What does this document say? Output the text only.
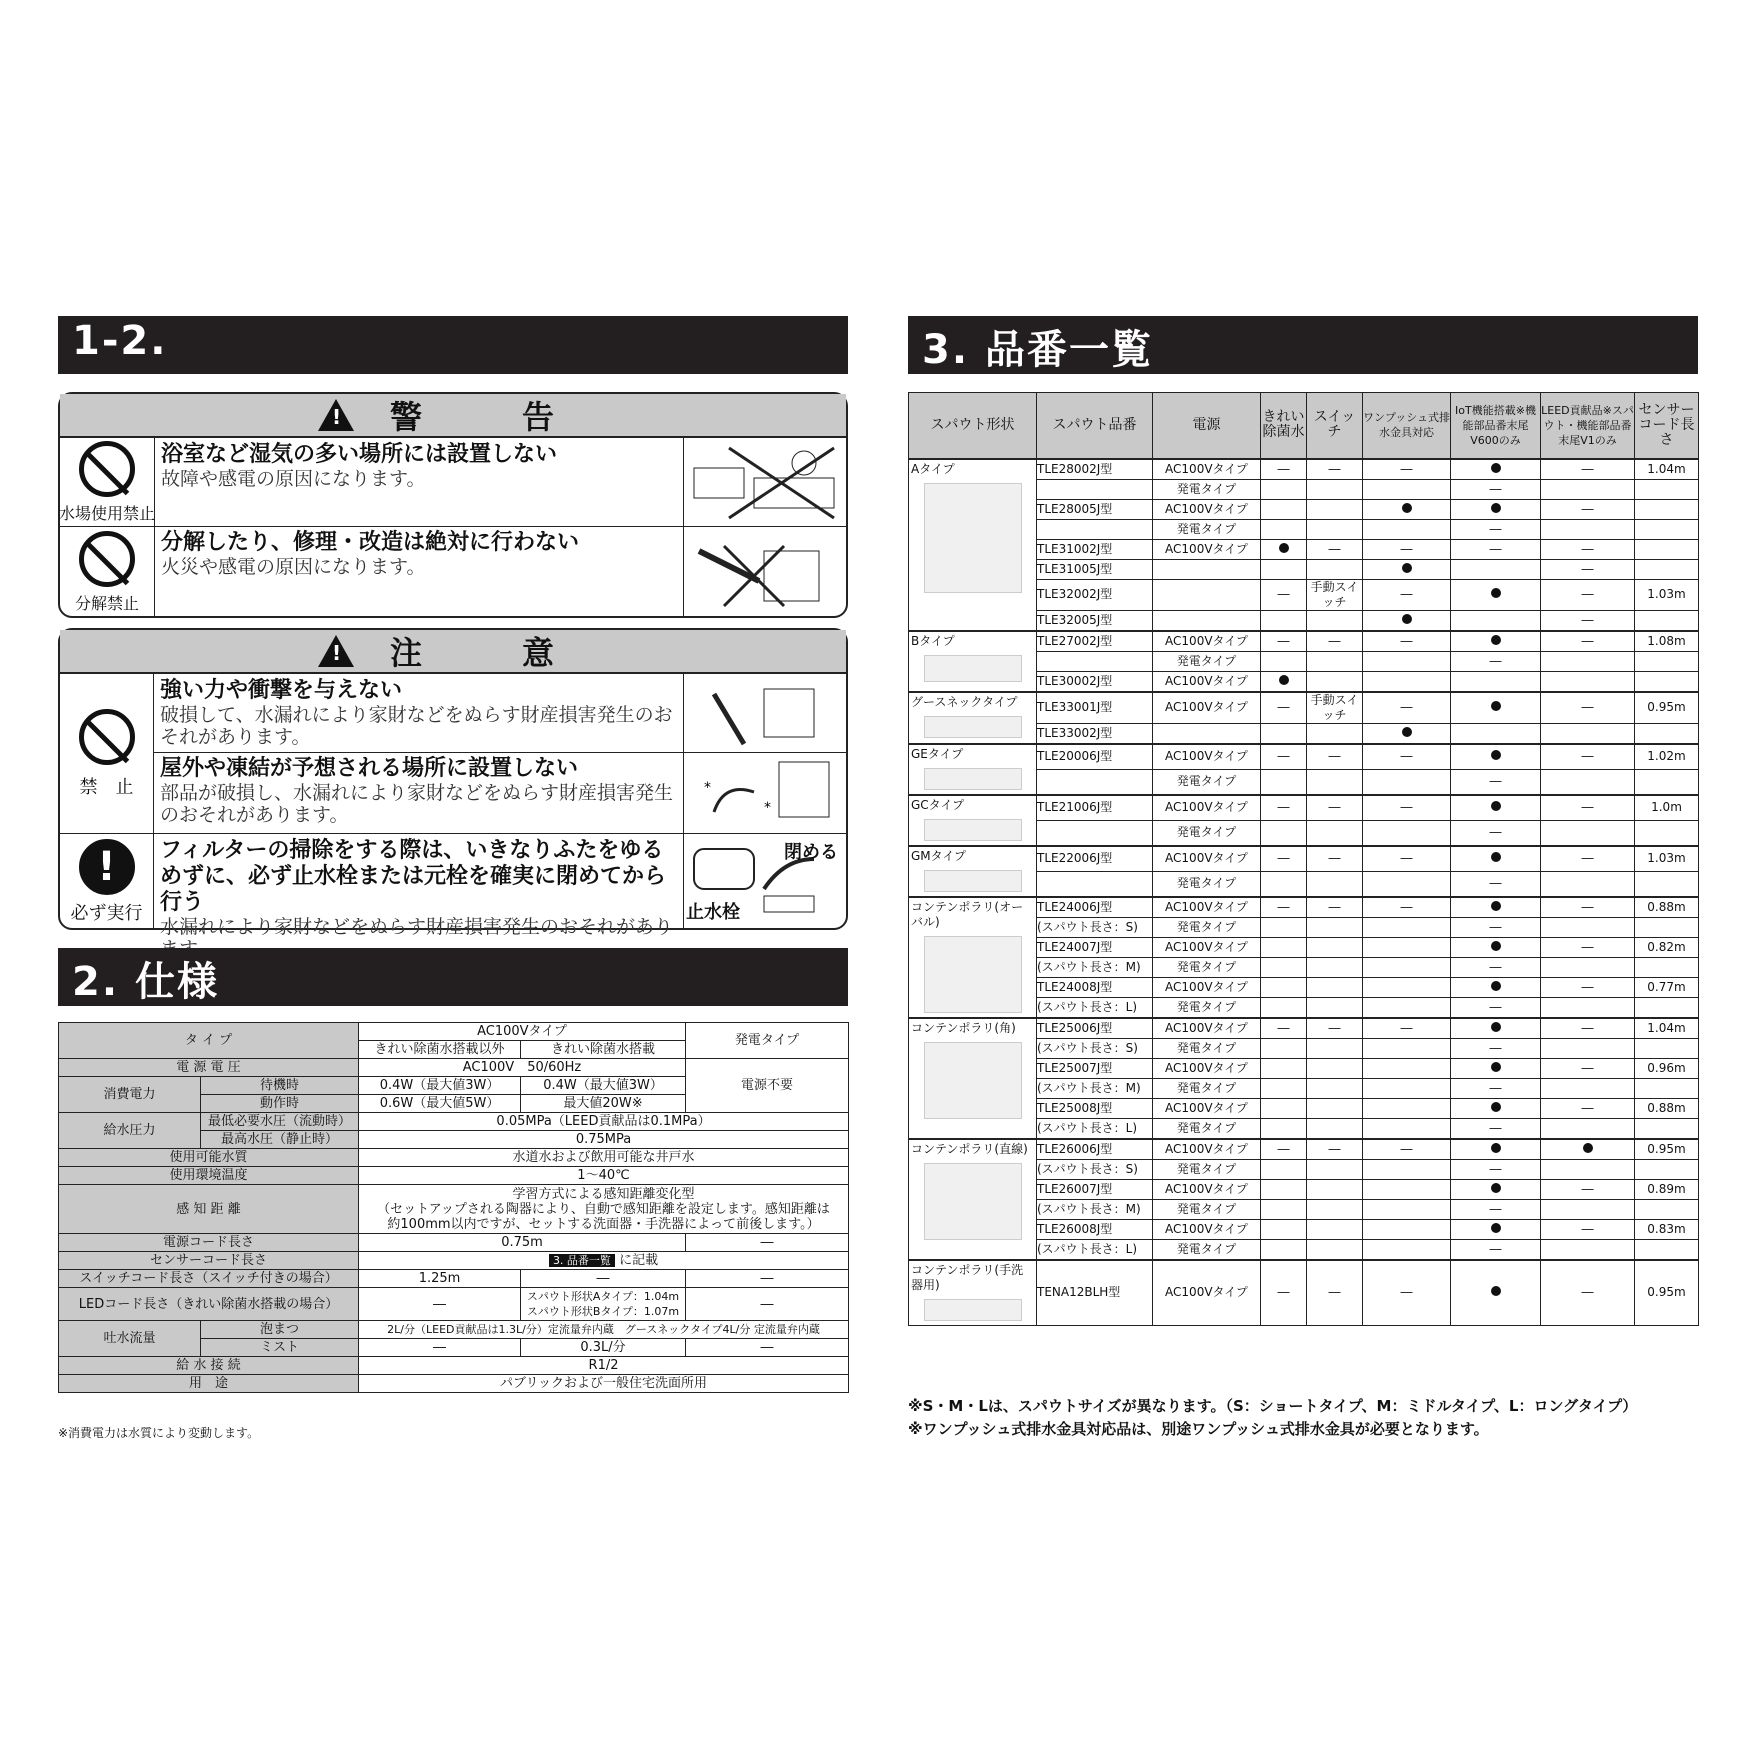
1-2.
!
警　告
水場使用禁止
浴室など湿気の多い場所には設置しない
故障や感電の原因になります。
分解禁止
分解したり、修理・改造は絶対に行わない
火災や感電の原因になります。
!
注　意
禁　止
強い力や衝撃を与えない
破損して、水漏れにより家財などをぬらす財産損害発生のおそれがあります。
屋外や凍結が予想される場所に設置しない
部品が破損し、水漏れにより家財などをぬらす財産損害発生のおそれがあります。
*
*
!
必ず実行
フィルターの掃除をする際は、いきなりふたをゆるめずに、必ず止水栓または元栓を確実に閉めてから行う
水漏れにより家財などをぬらす財産損害発生のおそれがあり
閉める
止水栓
2. 仕様
タ イ プ		AC100Vタイプ		発電タイプ
		きれい除菌水搭載以外	きれい除菌水搭載	
電 源 電 圧		AC100V　50/60Hz		電源不要
消費電力	待機時	0.4W（最大値3W）	0.4W（最大値3W）	
	動作時	0.6W（最大値5W）	最大値20W※	
給水圧力	最低必要水圧（流動時）	0.05MPa（LEED貢献品は0.1MPa）		
	最高水圧（静止時）	0.75MPa		
使用可能水質		水道水および飲用可能な井戸水		
使用環境温度		1～40℃		
感 知 距 離		学習方式による感知距離変化型
（セットアップされる陶器により、自動で感知距離を設定します。感知距離は
約100mm以内ですが、セットする洗面器・手洗器によって前後します。）		

電源コード長さ		0.75m		―
センサーコード長さ		3. 品番一覧 に記載		
スイッチコード長さ（スイッチ付きの場合）		1.25m	―	―
LEDコード長さ（きれい除菌水搭載の場合）		―	スパウト形状Aタイプ：1.04m
スパウト形状Bタイプ：1.07m	―
吐水流量	泡まつ	2L/分（LEED貢献品は1.3L/分）定流量弁内蔵　グースネックタイプ4L/分 定流量弁内蔵		
	ミスト	―	0.3L/分	―
給 水 接 続		R1/2		
用　途		パブリックおよび一般住宅洗面所用		
※消費電力は水質により変動します。
3. 品番一覧
スパウト形状	スパウト品番	電源	きれい除菌水	スイッチ	ワンプッシュ式排水金具対応	IoT機能搭載※機能部品番末尾V600のみ	LEED貢献品※スパウト・機能部品番末尾V1のみ	センサーコード長さ

Aタイプ	TLE28002J型	AC100Vタイプ	―	―	―		―	1.04m
		発電タイプ				―		
	TLE28005J型	AC100Vタイプ					―	
		発電タイプ				―		
	TLE31002J型	AC100Vタイプ		―	―	―	―	
	TLE31005J型						―	
	TLE32002J型		―	手動スイッチ	―		―	1.03m
	TLE32005J型						―	

Bタイプ	TLE27002J型	AC100Vタイプ	―	―	―		―	1.08m
		発電タイプ				―		
	TLE30002J型	AC100Vタイプ						

グースネックタイプ	TLE33001J型	AC100Vタイプ	―	手動スイッチ	―		―	0.95m
	TLE33002J型							

GEタイプ	TLE20006J型	AC100Vタイプ	―	―	―		―	1.02m
		発電タイプ				―		

GCタイプ	TLE21006J型	AC100Vタイプ	―	―	―		―	1.0m
		発電タイプ				―		

GMタイプ	TLE22006J型	AC100Vタイプ	―	―	―		―	1.03m
		発電タイプ				―		

コンテンポラリ(オーバル)	TLE24006J型	AC100Vタイプ	―	―	―		―	0.88m
	(スパウト長さ：S)	発電タイプ				―		
	TLE24007J型	AC100Vタイプ					―	0.82m
	(スパウト長さ：M)	発電タイプ				―		
	TLE24008J型	AC100Vタイプ					―	0.77m
	(スパウト長さ：L)	発電タイプ				―		

コンテンポラリ(角)	TLE25006J型	AC100Vタイプ	―	―	―		―	1.04m
	(スパウト長さ：S)	発電タイプ				―		
	TLE25007J型	AC100Vタイプ					―	0.96m
	(スパウト長さ：M)	発電タイプ				―		
	TLE25008J型	AC100Vタイプ					―	0.88m
	(スパウト長さ：L)	発電タイプ				―		

コンテンポラリ(直線)	TLE26006J型	AC100Vタイプ	―	―	―			0.95m
	(スパウト長さ：S)	発電タイプ				―		
	TLE26007J型	AC100Vタイプ					―	0.89m
	(スパウト長さ：M)	発電タイプ				―		
	TLE26008J型	AC100Vタイプ					―	0.83m
	(スパウト長さ：L)	発電タイプ				―		

コンテンポラリ(手洗器用)	TENA12BLH型	AC100Vタイプ	―	―	―		―	0.95m
※S・M・Lは、スパウトサイズが異なります。（S：ショートタイプ、M：ミドルタイプ、L：ロングタイプ）
※ワンプッシュ式排水金具対応品は、別途ワンプッシュ式排水金具が必要となります。
